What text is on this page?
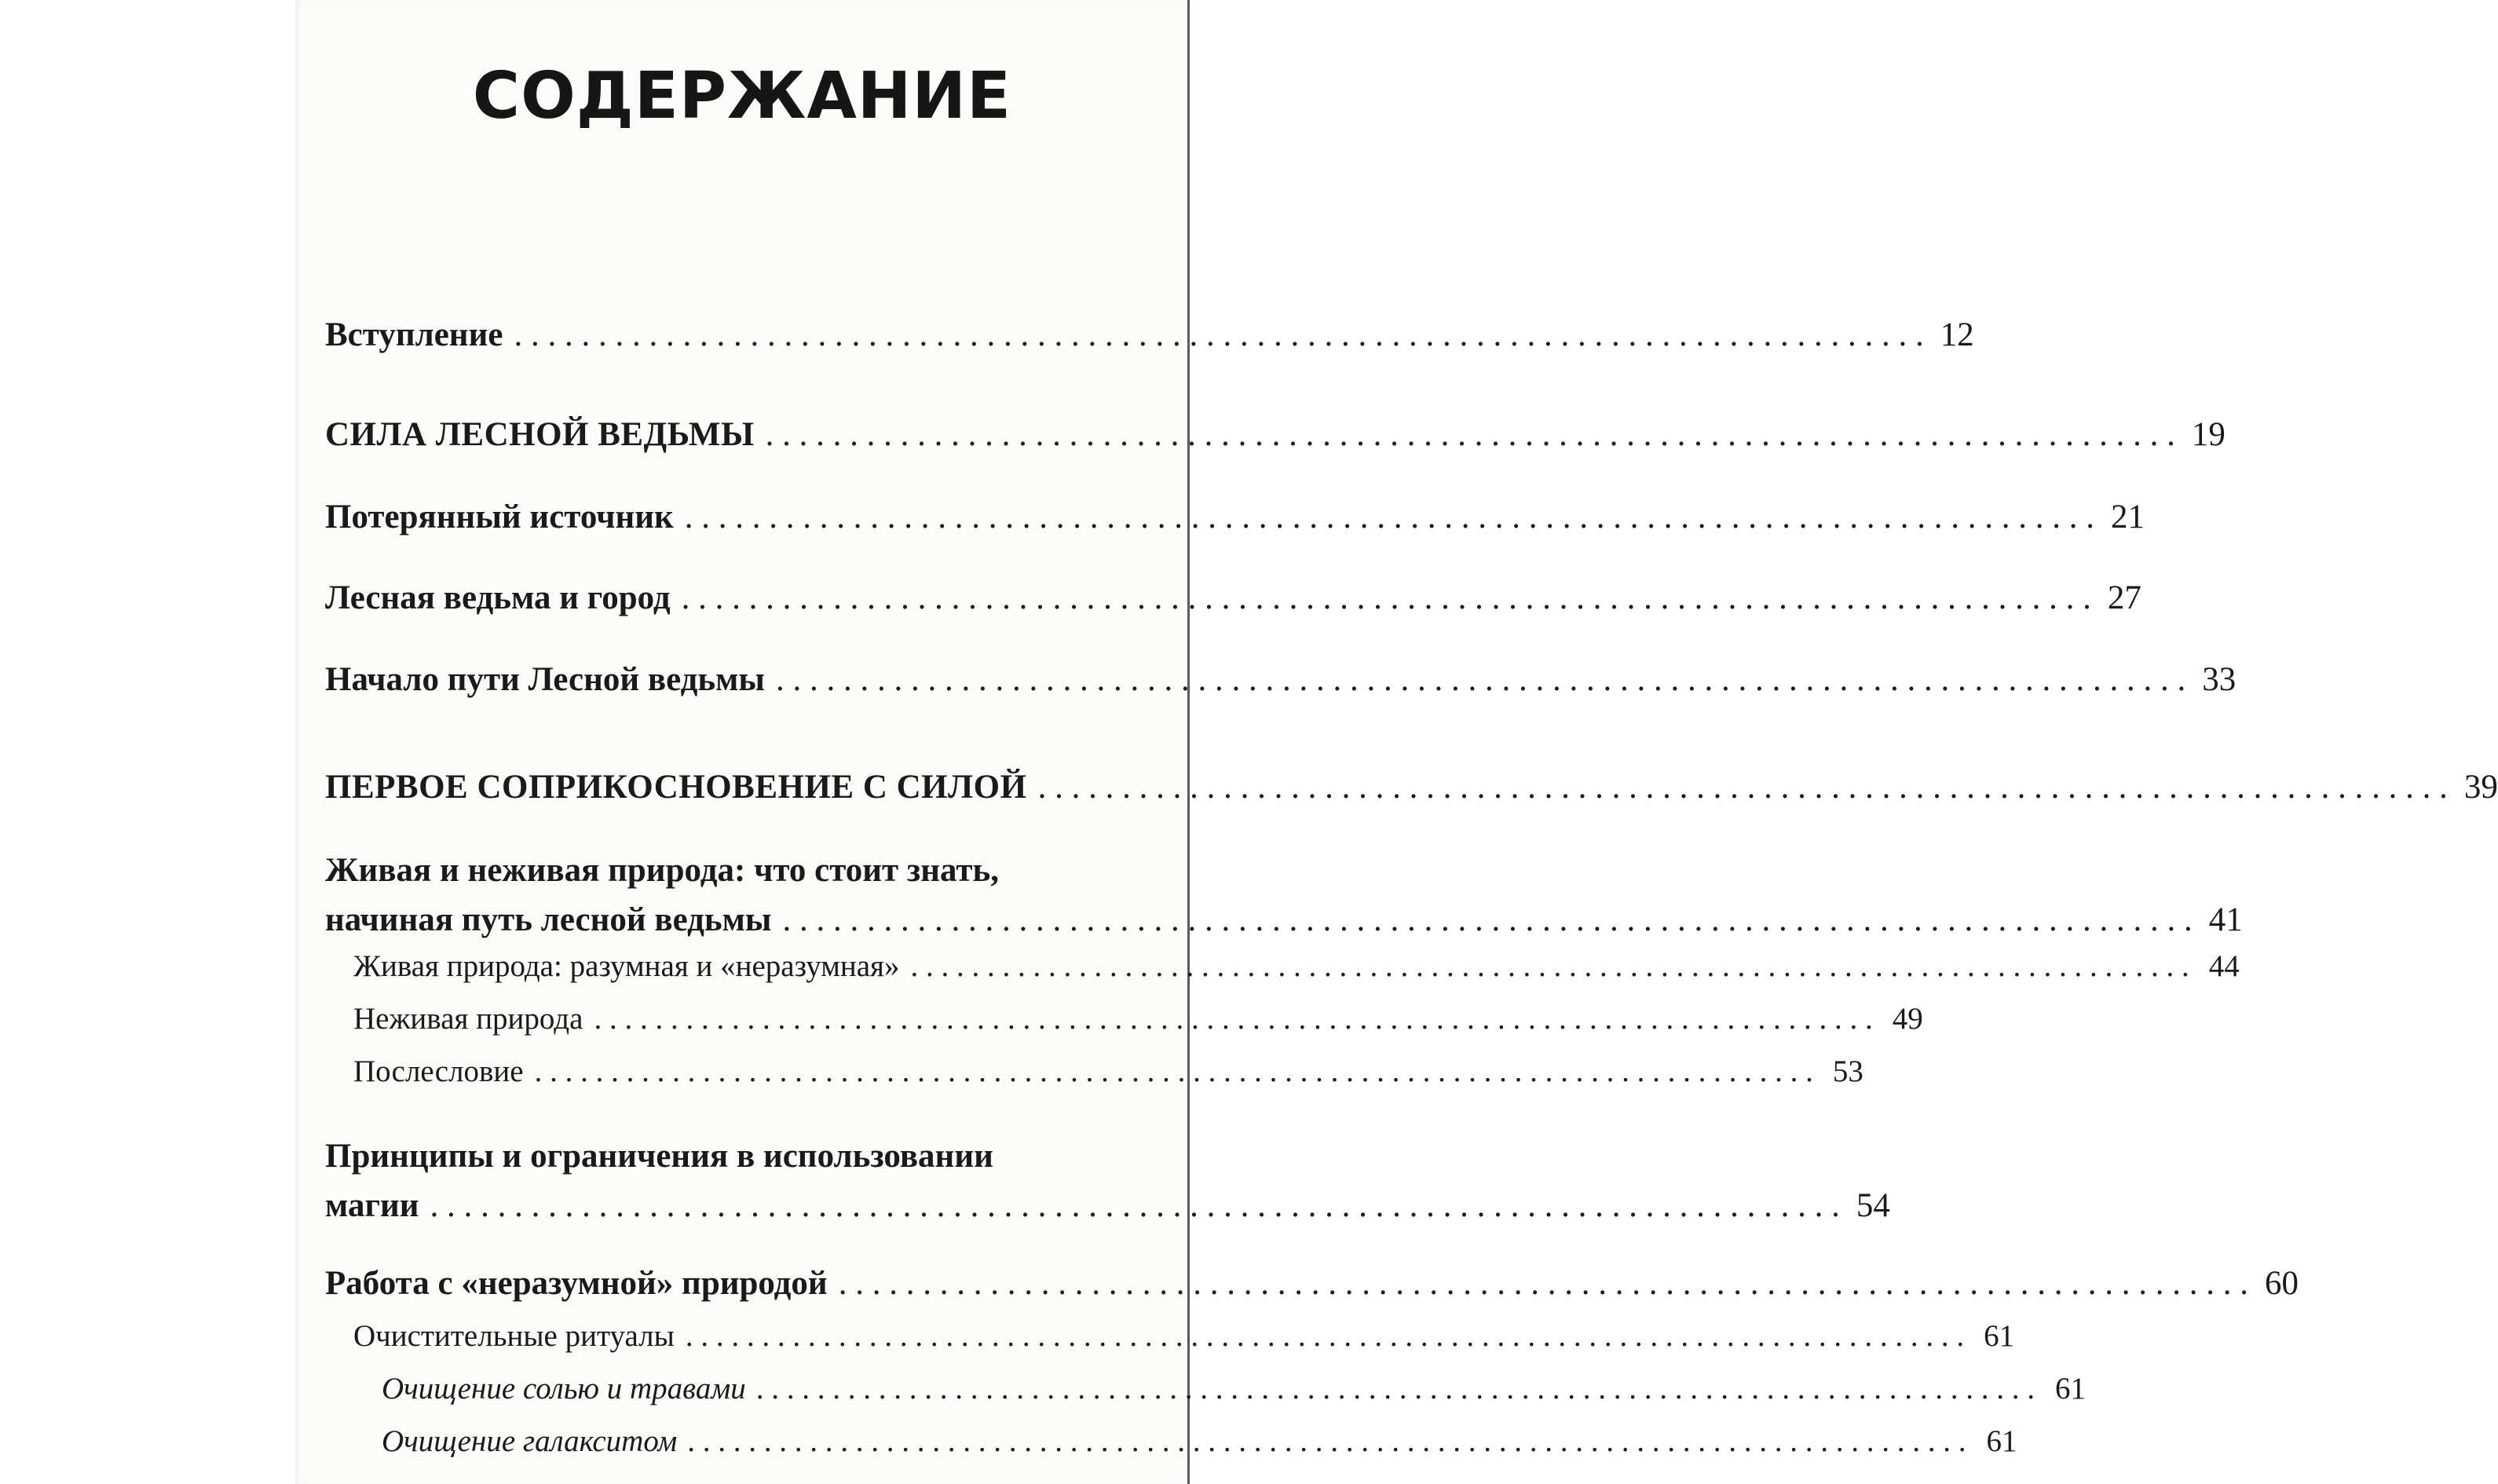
СОДЕРЖАНИЕ
Вступление . . . . . . . . . . . . . . . . . . . . . . . . . . . . . . . . . . . . . . . . . . . . . . . . . . . . . . . . . . . . . . . . . . . . . . . . . . . . . . . . . . . . 12
СИЛА ЛЕСНОЙ ВЕДЬМЫ . . . . . . . . . . . . . . . . . . . . . . . . . . . . . . . . . . . . . . . . . . . . . . . . . . . . . . . . . . . . . . . . . . . . . . . . . . . . . . . . . . . . 19
Потерянный источник . . . . . . . . . . . . . . . . . . . . . . . . . . . . . . . . . . . . . . . . . . . . . . . . . . . . . . . . . . . . . . . . . . . . . . . . . . . . . . . . . . . . 21
Лесная ведьма и город . . . . . . . . . . . . . . . . . . . . . . . . . . . . . . . . . . . . . . . . . . . . . . . . . . . . . . . . . . . . . . . . . . . . . . . . . . . . . . . . . . . . 27
Начало пути Лесной ведьмы . . . . . . . . . . . . . . . . . . . . . . . . . . . . . . . . . . . . . . . . . . . . . . . . . . . . . . . . . . . . . . . . . . . . . . . . . . . . . . . . . . . . 33
ПЕРВОЕ СОПРИКОСНОВЕНИЕ С СИЛОЙ . . . . . . . . . . . . . . . . . . . . . . . . . . . . . . . . . . . . . . . . . . . . . . . . . . . . . . . . . . . . . . . . . . . . . . . . . . . . . . . . . . . . 39
Живая и неживая природа: что стоит знать,
начиная путь лесной ведьмы . . . . . . . . . . . . . . . . . . . . . . . . . . . . . . . . . . . . . . . . . . . . . . . . . . . . . . . . . . . . . . . . . . . . . . . . . . . . . . . . . . . . 41
Живая природа: разумная и «неразумная» . . . . . . . . . . . . . . . . . . . . . . . . . . . . . . . . . . . . . . . . . . . . . . . . . . . . . . . . . . . . . . . . . . . . . . . . . . . . . . . . . . . . 44
Неживая природа . . . . . . . . . . . . . . . . . . . . . . . . . . . . . . . . . . . . . . . . . . . . . . . . . . . . . . . . . . . . . . . . . . . . . . . . . . . . . . . . . . . . 49
Послесловие . . . . . . . . . . . . . . . . . . . . . . . . . . . . . . . . . . . . . . . . . . . . . . . . . . . . . . . . . . . . . . . . . . . . . . . . . . . . . . . . . . . . 53
Принципы и ограничения в использовании
магии . . . . . . . . . . . . . . . . . . . . . . . . . . . . . . . . . . . . . . . . . . . . . . . . . . . . . . . . . . . . . . . . . . . . . . . . . . . . . . . . . . . . 54
Работа с «неразумной» природой . . . . . . . . . . . . . . . . . . . . . . . . . . . . . . . . . . . . . . . . . . . . . . . . . . . . . . . . . . . . . . . . . . . . . . . . . . . . . . . . . . . . 60
Очистительные ритуалы . . . . . . . . . . . . . . . . . . . . . . . . . . . . . . . . . . . . . . . . . . . . . . . . . . . . . . . . . . . . . . . . . . . . . . . . . . . . . . . . . . . . 61
Очищение солью и травами . . . . . . . . . . . . . . . . . . . . . . . . . . . . . . . . . . . . . . . . . . . . . . . . . . . . . . . . . . . . . . . . . . . . . . . . . . . . . . . . . . . . 61
Очищение галакситом . . . . . . . . . . . . . . . . . . . . . . . . . . . . . . . . . . . . . . . . . . . . . . . . . . . . . . . . . . . . . . . . . . . . . . . . . . . . . . . . . . . . 61
